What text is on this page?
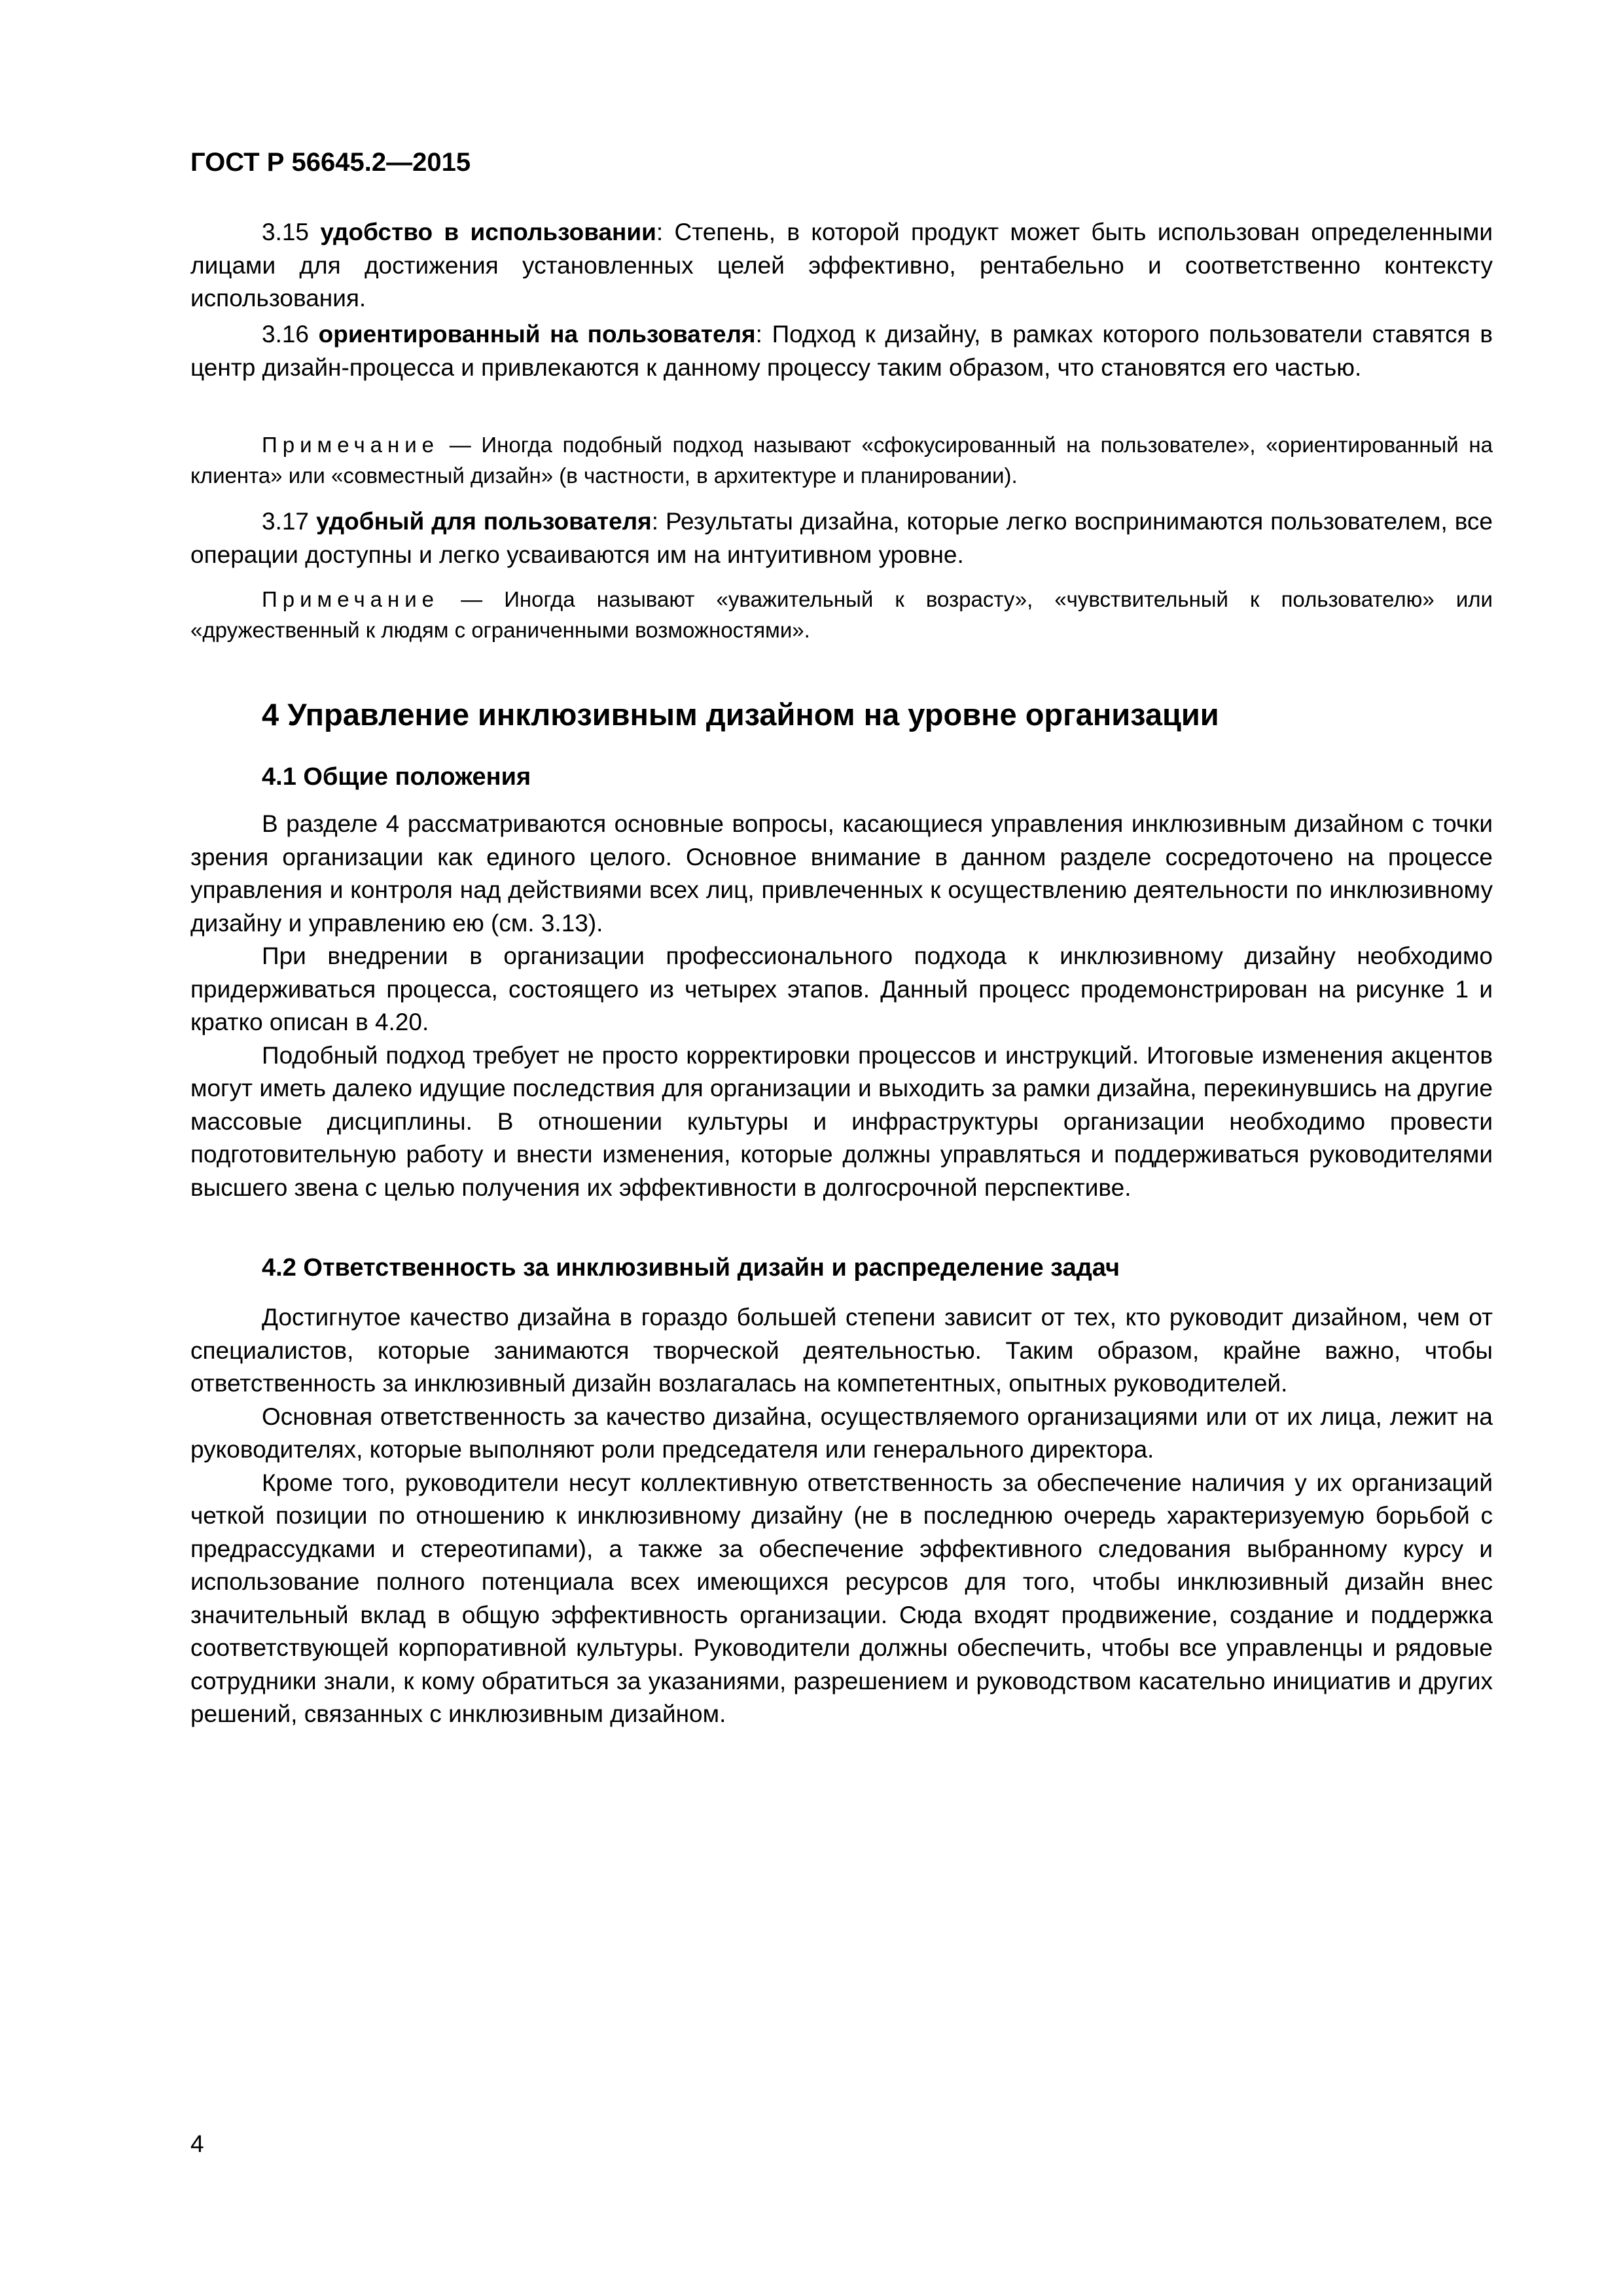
ГОСТ Р 56645.2—2015

3.15 удобство в использовании: Степень, в которой продукт может быть использован определенными лицами для достижения установленных целей эффективно, рентабельно и соответственно контексту использования.

3.16 ориентированный на пользователя: Подход к дизайну, в рамках которого пользователи ставятся в центр дизайн-процесса и привлекаются к данному процессу таким образом, что становятся его частью.

Примечание — Иногда подобный подход называют «сфокусированный на пользователе», «ориентированный на клиента» или «совместный дизайн» (в частности, в архитектуре и планировании).

3.17 удобный для пользователя: Результаты дизайна, которые легко воспринимаются пользователем, все операции доступны и легко усваиваются им на интуитивном уровне.

Примечание — Иногда называют «уважительный к возрасту», «чувствительный к пользователю» или «дружественный к людям с ограниченными возможностями».

4 Управление инклюзивным дизайном на уровне организации
4.1 Общие положения

В разделе 4 рассматриваются основные вопросы, касающиеся управления инклюзивным дизайном с точки зрения организации как единого целого. Основное внимание в данном разделе сосредоточено на процессе управления и контроля над действиями всех лиц, привлеченных к осуществлению деятельности по инклюзивному дизайну и управлению ею (см. 3.13).

При внедрении в организации профессионального подхода к инклюзивному дизайну необходимо придерживаться процесса, состоящего из четырех этапов. Данный процесс продемонстрирован на рисунке 1 и кратко описан в 4.20.

Подобный подход требует не просто корректировки процессов и инструкций. Итоговые изменения акцентов могут иметь далеко идущие последствия для организации и выходить за рамки дизайна, перекинувшись на другие массовые дисциплины. В отношении культуры и инфраструктуры организации необходимо провести подготовительную работу и внести изменения, которые должны управляться и поддерживаться руководителями высшего звена с целью получения их эффективности в долгосрочной перспективе.

4.2 Ответственность за инклюзивный дизайн и распределение задач

Достигнутое качество дизайна в гораздо большей степени зависит от тех, кто руководит дизайном, чем от специалистов, которые занимаются творческой деятельностью. Таким образом, крайне важно, чтобы ответственность за инклюзивный дизайн возлагалась на компетентных, опытных руководителей.

Основная ответственность за качество дизайна, осуществляемого организациями или от их лица, лежит на руководителях, которые выполняют роли председателя или генерального директора.

Кроме того, руководители несут коллективную ответственность за обеспечение наличия у их организаций четкой позиции по отношению к инклюзивному дизайну (не в последнюю очередь характеризуемую борьбой с предрассудками и стереотипами), а также за обеспечение эффективного следования выбранному курсу и использование полного потенциала всех имеющихся ресурсов для того, чтобы инклюзивный дизайн внес значительный вклад в общую эффективность организации. Сюда входят продвижение, создание и поддержка соответствующей корпоративной культуры. Руководители должны обеспечить, чтобы все управленцы и рядовые сотрудники знали, к кому обратиться за указаниями, разрешением и руководством касательно инициатив и других решений, связанных с инклюзивным дизайном.

4
